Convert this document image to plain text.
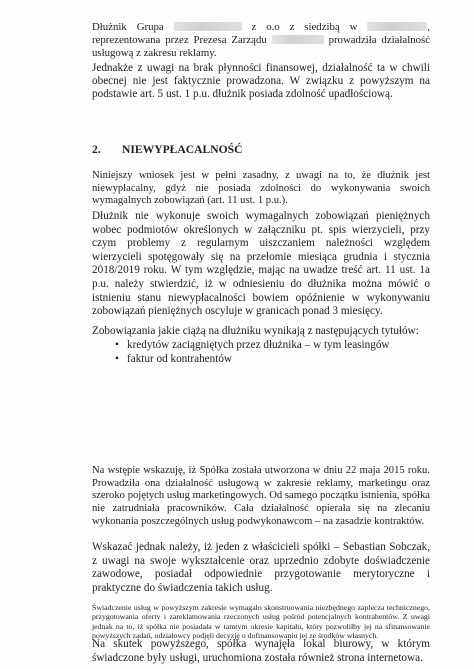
Dłużnik Grupa	z o.o z siedzibą w	, reprezentowana przez Prezesa Zarządu	prowadziła działalność usługową z zakresu reklamy.

Jednakże z uwagi na brak płynności finansowej, działalność ta w chwili obecnej nie jest faktycznie prowadzona. W związku z powyższym na podstawie art. 5 ust. 1 p.u. dłużnik posiada zdolność upadłościową.

2. NIEWYPŁACALNOŚĆ

Niniejszy wniosek jest w pełni zasadny, z uwagi na to, że dłużnik jest niewypłacalny, gdyż nie posiada zdolności do wykonywania swoich wymagalnych zobowiązań (art. 11 ust. 1 p.u.).

Dłużnik nie wykonuje swoich wymagalnych zobowiązań pieniężnych wobec podmiotów określonych w załączniku pt. spis wierzycieli, przy czym problemy z regularnym uiszczaniem należności względem wierzycieli spotęgowały się na przełomie miesiąca grudnia i stycznia 2018/2019 roku. W tym względzie, mając na uwadze treść art. 11 ust. 1a p.u. należy stwierdzić, iż w odniesieniu do dłużnika można mówić o istnieniu stanu niewypłacalności bowiem opóźnienie w wykonywaniu zobowiązań pieniężnych oscyluje w granicach ponad 3 miesięcy.

Zobowiązania jakie ciążą na dłużniku wynikają z następujących tytułów:

• kredytów zaciągniętych przez dłużnika – w tym leasingów
• faktur od kontrahentów

Na wstępie wskazuję, iż Spółka została utworzona w dniu 22 maja 2015 roku. Prowadziła ona działalność usługową w zakresie reklamy, marketingu oraz szeroko pojętych usług marketingowych. Od samego początku istnienia, spółka nie zatrudniała pracowników. Cała działalność opierała się na zlecaniu wykonania poszczególnych usług podwykonawcom – na zasadzie kontraktów.

Wskazać jednak należy, iż jeden z właścicieli spółki – Sebastian Sobczak, z uwagi na swoje wykształcenie oraz uprzednio zdobyte doświadczenie zawodowe, posiadał odpowiednie przygotowanie merytoryczne i praktyczne do świadczenia takich usług.

Świadczenie usług w powyższym zakresie wymagało skonstruowania niezbędnego zaplecza technicznego, przygotowania oferty i zareklamowania rzeczonych usług pośród potencjalnych kontrahentów. Z uwagi jednak na to, iż spółka nie posiadała w tamtym okresie kapitału, który pozwoliłby jej na sfinansowanie powyższych zadań, udziałowcy podjęli decyzję o dofinansowaniu jej ze środków własnych.

Na skutek powyższego, spółka wynajęła lokal biurowy, w którym świadczone były usługi, uruchomiona została również strona internetowa.
